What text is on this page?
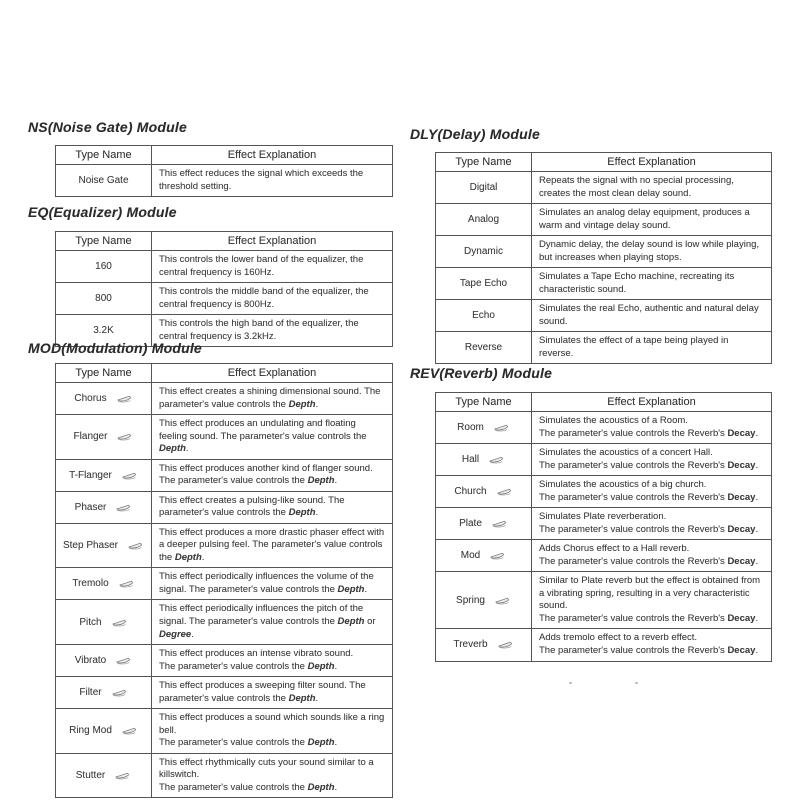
NS(Noise Gate) Module
Type Name	Effect Explanation

Noise Gate	This effect reduces the signal which exceeds the threshold setting.
EQ(Equalizer) Module
Type Name	Effect Explanation

160	This controls the lower band of the equalizer, the central frequency is 160Hz.

800	This controls the middle band of the equalizer, the central frequency is 800Hz.

3.2K	This controls the high band of the equalizer, the central frequency is 3.2kHz.
MOD(Modulation) Module
Type Name	Effect Explanation

Chorus	This effect creates a shining dimensional sound. The parameter's value controls the Depth.

Flanger	This effect produces an undulating and floating feeling sound. The parameter's value controls the Depth.

T-Flanger	This effect produces another kind of flanger sound. The parameter's value controls the Depth.

Phaser	This effect creates a pulsing-like sound. The parameter's value controls the Depth.

Step Phaser	This effect produces a more drastic phaser effect with a deeper pulsing feel. The parameter's value controls the Depth.

Tremolo	This effect periodically influences the volume of the signal. The parameter's value controls the Depth.

Pitch	This effect periodically influences the pitch of the signal. The parameter's value controls the Depth or Degree.

Vibrato	This effect produces an intense vibrato sound.
The parameter's value controls the Depth.

Filter	This effect produces a sweeping filter sound. The parameter's value controls the Depth.

Ring Mod	This effect produces a sound which sounds like a ring bell.
The parameter's value controls the Depth.

Stutter	This effect rhythmically cuts your sound similar to a killswitch.
The parameter's value controls the Depth.
DLY(Delay) Module
Type Name	Effect Explanation

Digital	Repeats the signal with no special processing, creates the most clean delay sound.

Analog	Simulates an analog delay equipment, produces a warm and vintage delay sound.

Dynamic	Dynamic delay, the delay sound is low while playing, but increases when playing stops.

Tape Echo	Simulates a Tape Echo machine, recreating its characteristic sound.

Echo	Simulates the real Echo, authentic and natural delay sound.

Reverse	Simulates the effect of a tape being played in reverse.
REV(Reverb) Module
Type Name	Effect Explanation

Room	Simulates the acoustics of a Room.
The parameter's value controls the Reverb's Decay.

Hall	Simulates the acoustics of a concert Hall.
The parameter's value controls the Reverb's Decay.

Church	Simulates the acoustics of a big church.
The parameter's value controls the Reverb's Decay.

Plate	Simulates Plate reverberation.
The parameter's value controls the Reverb's Decay.

Mod	Adds Chorus effect to a Hall reverb.
The parameter's value controls the Reverb's Decay.

Spring	Similar to Plate reverb but the effect is obtained from a vibrating spring, resulting in a very characteristic sound.
The parameter's value controls the Reverb's Decay.

Treverb	Adds tremolo effect to a reverb effect.
The parameter's value controls the Reverb's Decay.
